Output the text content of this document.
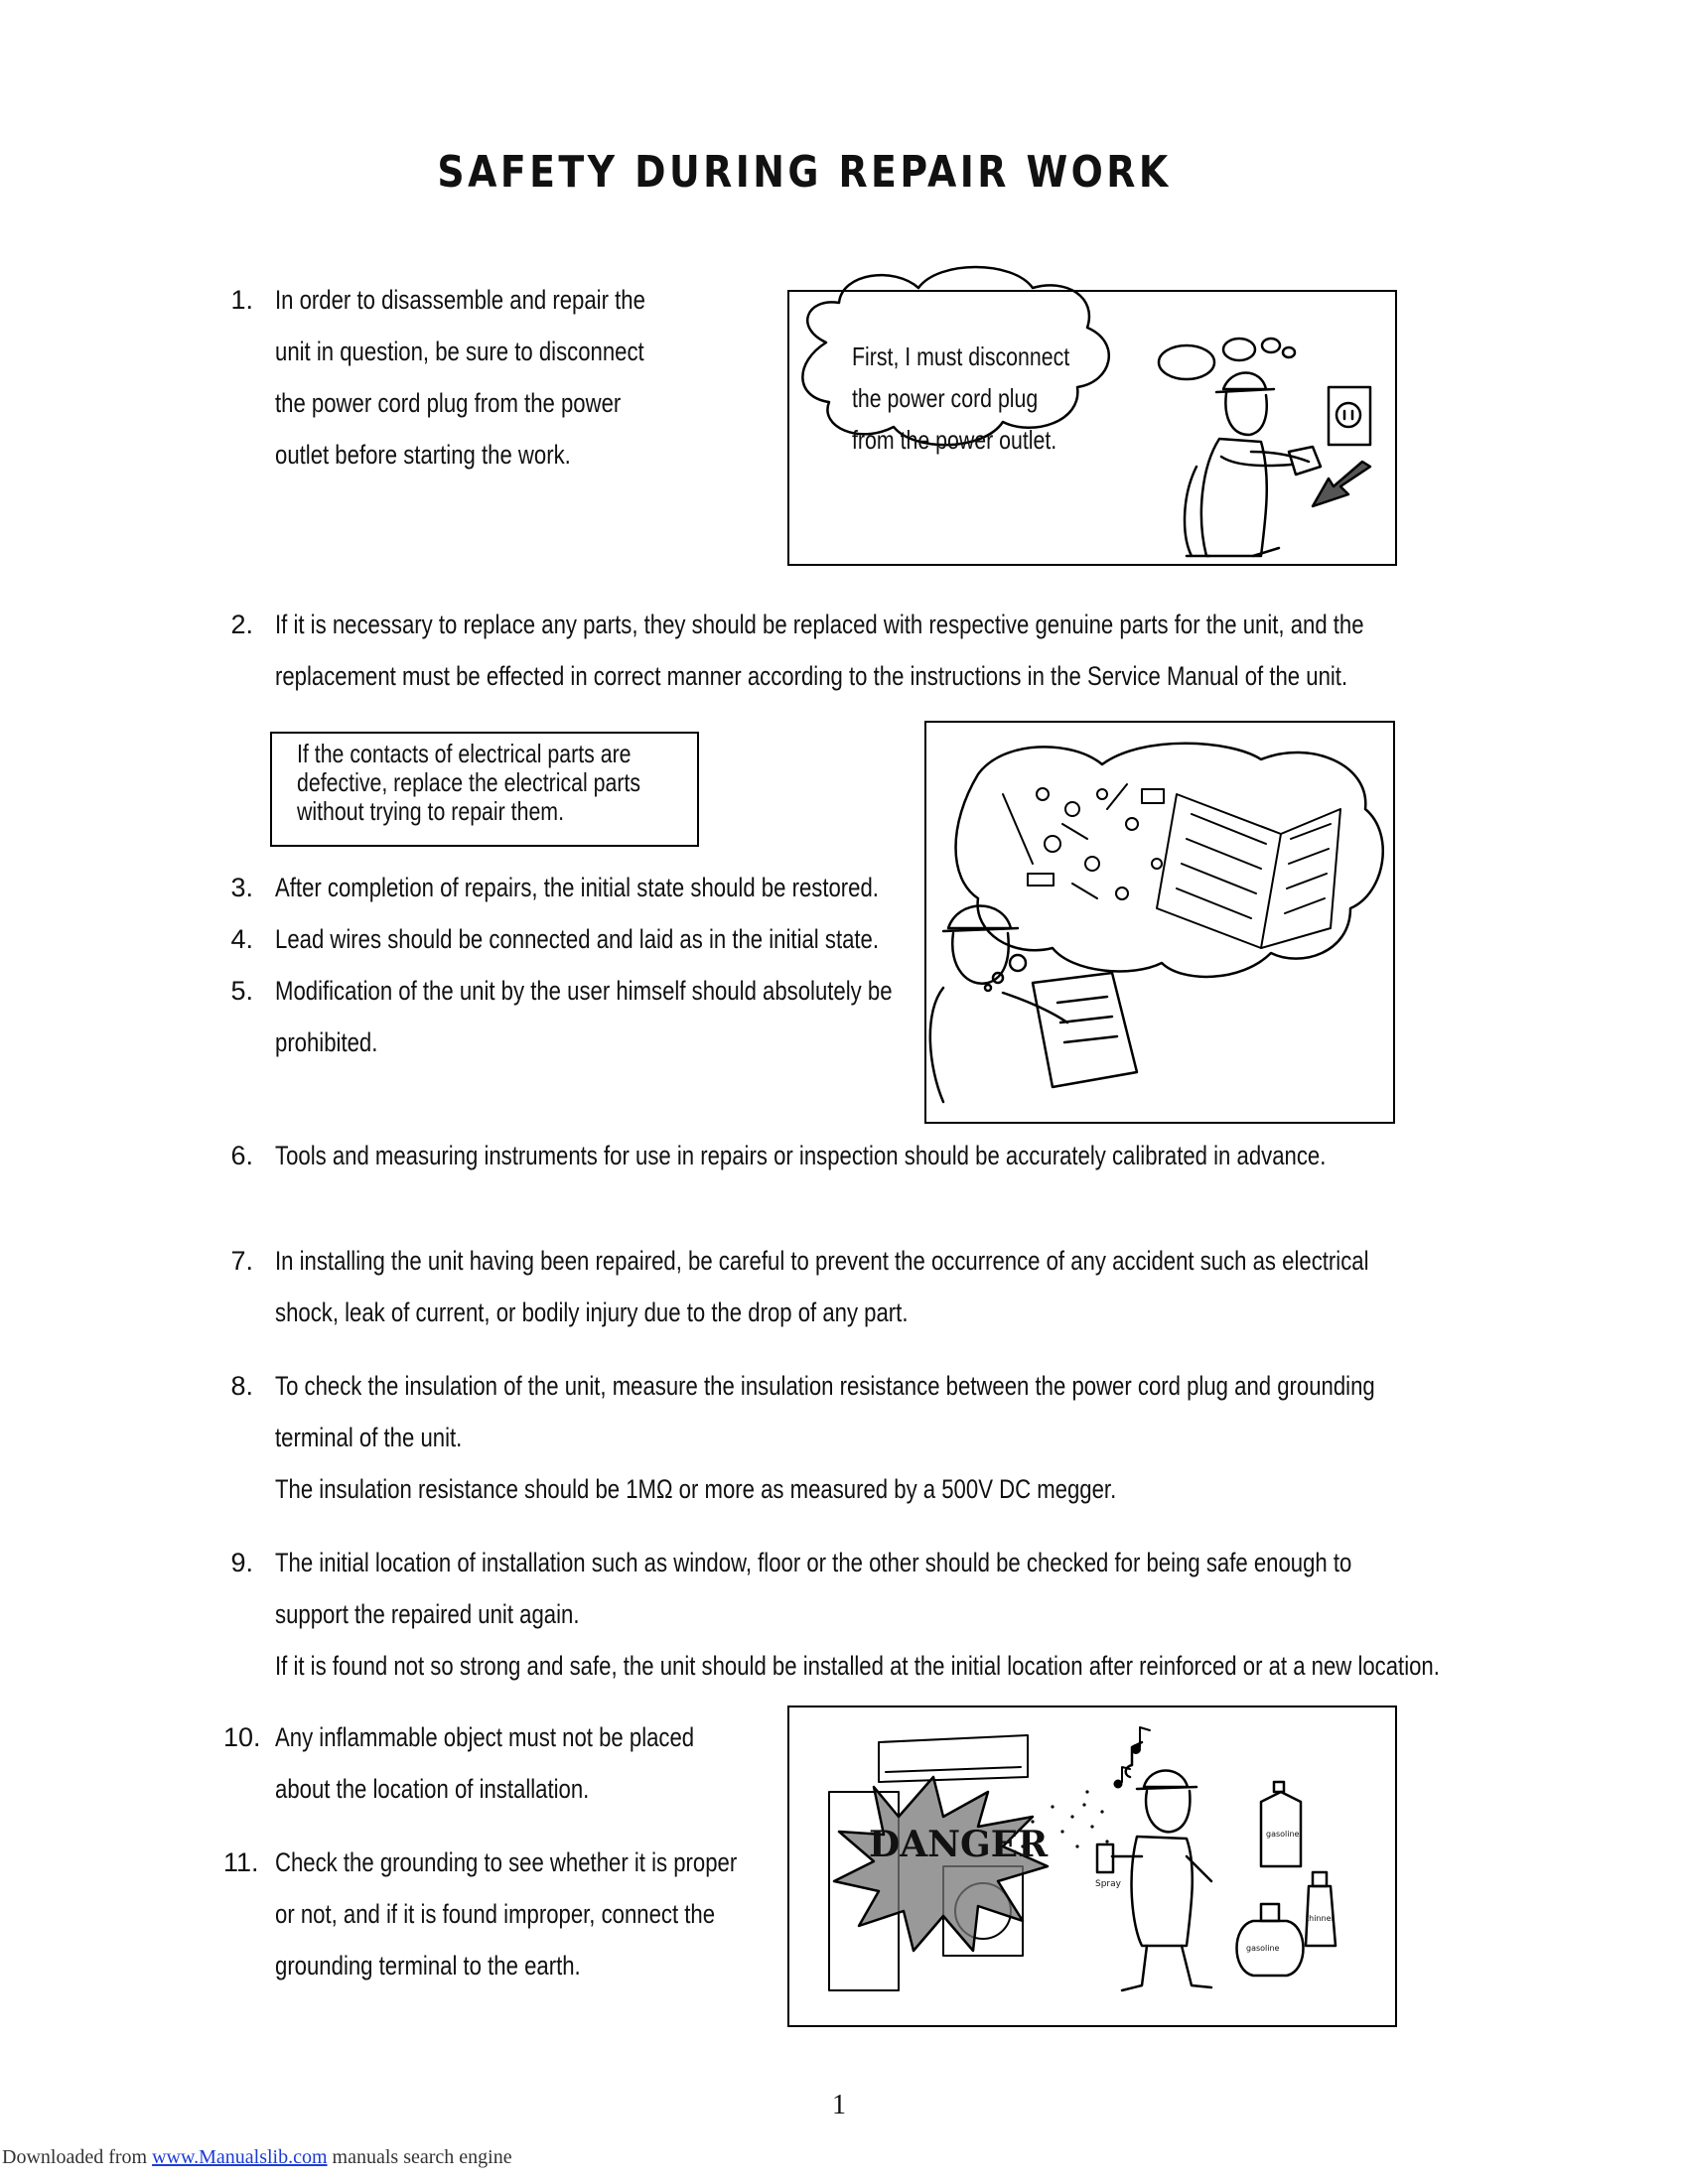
SAFETY DURING REPAIR WORK
1. In order to disassemble and repair the
unit in question, be sure to disconnect
the power cord plug from the power
outlet before starting the work.
2. If it is necessary to replace any parts, they should be replaced with respective genuine parts for the unit, and the
replacement must be effected in correct manner according to the instructions in the Service Manual of the unit.
If the contacts of electrical parts are
defective, replace the electrical parts
without trying to repair them.
3. After completion of repairs, the initial state should be restored.
4. Lead wires should be connected and laid as in the initial state.
5. Modification of the unit by the user himself should absolutely be
prohibited.
6. Tools and measuring instruments for use in repairs or inspection should be accurately calibrated in advance.
7. In installing the unit having been repaired, be careful to prevent the occurrence of any accident such as electrical
shock, leak of current, or bodily injury due to the drop of any part.
8. To check the insulation of the unit, measure the insulation resistance between the power cord plug and grounding
terminal of the unit.
The insulation resistance should be 1MΩ or more as measured by a 500V DC megger.
9. The initial location of installation such as window, floor or the other should be checked for being safe enough to
support the repaired unit again.
If it is found not so strong and safe, the unit should be installed at the initial location after reinforced or at a new location.
10. Any inflammable object must not be placed
about the location of installation.
11. Check the grounding to see whether it is proper
or not, and if it is found improper, connect the
grounding terminal to the earth.
DANGER
Spray
gasoline
gasoline
thinner
First, I must disconnect
the power cord plug
from the power outlet.
1
Downloaded from www.Manualslib.com manuals search engine
